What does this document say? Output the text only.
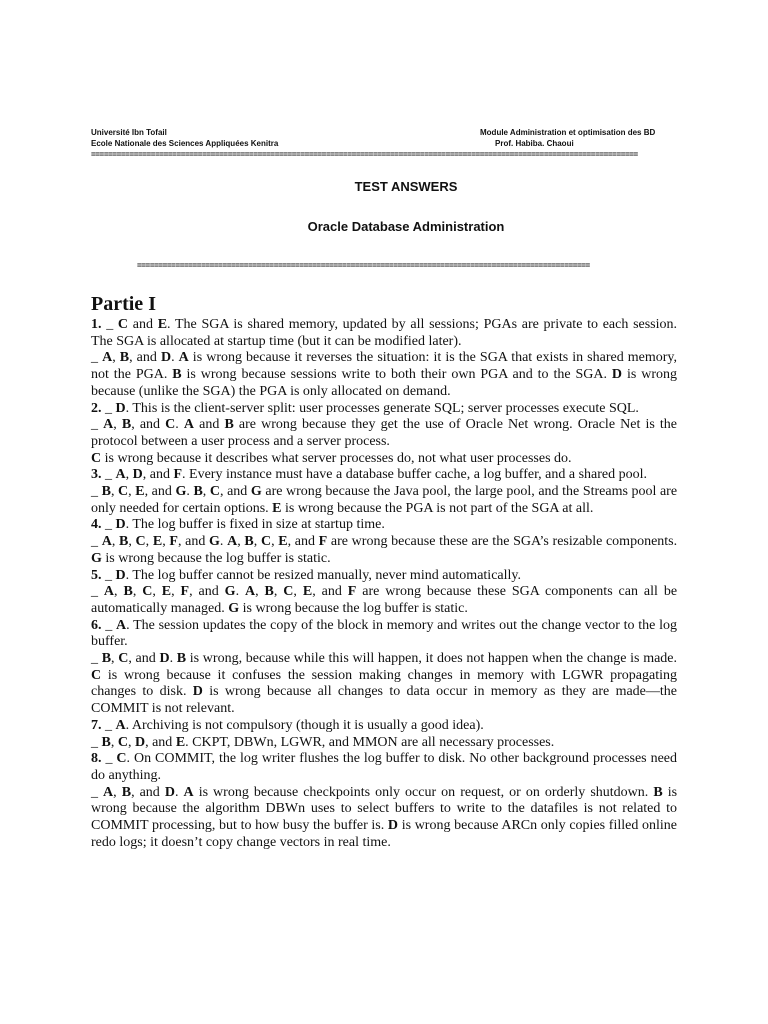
Université Ibn Tofail
Ecole Nationale des Sciences Appliquées Kenitra
Module Administration et optimisation des BD
Prof. Habiba. Chaoui
================================================================================================================================
TEST ANSWERS
Oracle Database Administration
==========================================================================================================
Partie I

1. _ C and E. The SGA is shared memory, updated by all sessions; PGAs are private to each session. The SGA is allocated at startup time (but it can be modified later).

_ A, B, and D. A is wrong because it reverses the situation: it is the SGA that exists in shared memory, not the PGA. B is wrong because sessions write to both their own PGA and to the SGA. D is wrong because (unlike the SGA) the PGA is only allocated on demand.

2. _ D. This is the client-server split: user processes generate SQL; server processes execute SQL.

_ A, B, and C. A and B are wrong because they get the use of Oracle Net wrong. Oracle Net is the protocol between a user process and a server process.

C is wrong because it describes what server processes do, not what user processes do.

3. _ A, D, and F. Every instance must have a database buffer cache, a log buffer, and a shared pool.

_ B, C, E, and G. B, C, and G are wrong because the Java pool, the large pool, and the Streams pool are only needed for certain options. E is wrong because the PGA is not part of the SGA at all.

4. _ D. The log buffer is fixed in size at startup time.

_ A, B, C, E, F, and G. A, B, C, E, and F are wrong because these are the SGA’s resizable components. G is wrong because the log buffer is static.

5. _ D. The log buffer cannot be resized manually, never mind automatically.

_ A, B, C, E, F, and G. A, B, C, E, and F are wrong because these SGA components can all be automatically managed. G is wrong because the log buffer is static.

6. _ A. The session updates the copy of the block in memory and writes out the change vector to the log buffer.

_ B, C, and D. B is wrong, because while this will happen, it does not happen when the change is made. C is wrong because it confuses the session making changes in memory with LGWR propagating changes to disk. D is wrong because all changes to data occur in memory as they are made—the COMMIT is not relevant.

7. _ A. Archiving is not compulsory (though it is usually a good idea).

_ B, C, D, and E. CKPT, DBWn, LGWR, and MMON are all necessary processes.

8. _ C. On COMMIT, the log writer flushes the log buffer to disk. No other background processes need do anything.

_ A, B, and D. A is wrong because checkpoints only occur on request, or on orderly shutdown. B is wrong because the algorithm DBWn uses to select buffers to write to the datafiles is not related to COMMIT processing, but to how busy the buffer is. D is wrong because ARCn only copies filled online redo logs; it doesn’t copy change vectors in real time.
